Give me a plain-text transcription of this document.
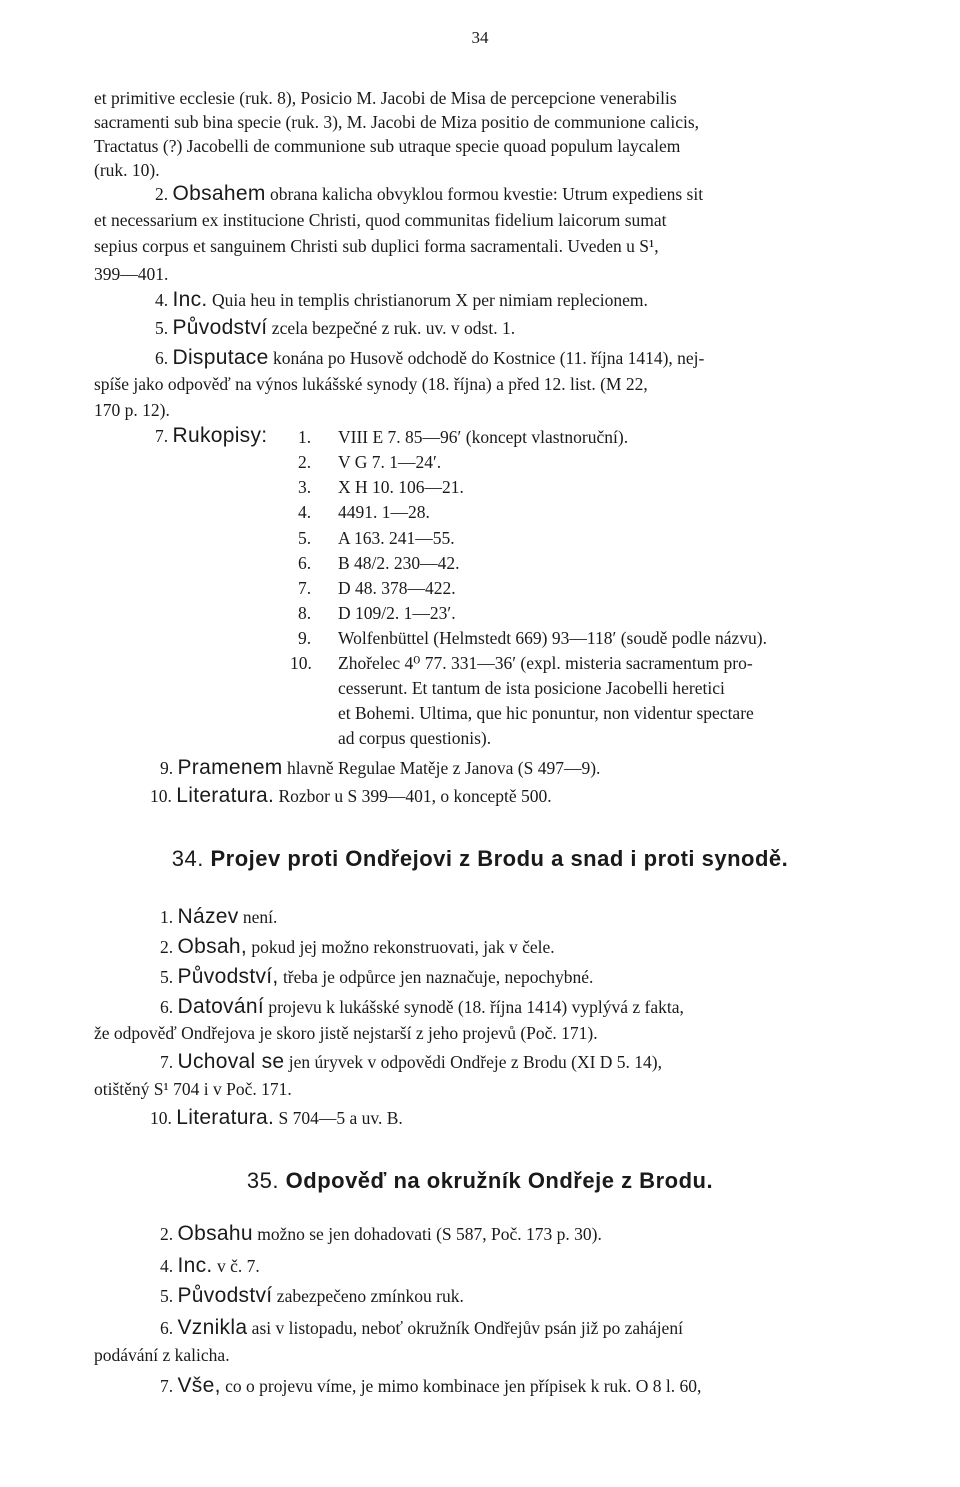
34
et primitive ecclesie (ruk. 8), Posicio M. Jacobi de Misa de percepcione venerabilis
sacramenti sub bina specie (ruk. 3), M. Jacobi de Miza positio de communione calicis,
Tractatus (?) Jacobelli de communione sub utraque specie quoad populum laycalem
(ruk. 10).
2. Obsahem obrana kalicha obvyklou formou kvestie: Utrum expediens sit
et necessarium ex institucione Christi, quod communitas fidelium laicorum sumat
sepius corpus et sanguinem Christi sub duplici forma sacramentali. Uveden u S¹,
399—401.
4. Inc. Quia heu in templis christianorum X per nimiam replecionem.
5. Původství zcela bezpečné z ruk. uv. v odst. 1.
6. Disputace konána po Husově odchodě do Kostnice (11. října 1414), nej-
spíše jako odpověď na výnos lukášské synody (18. října) a před 12. list. (M 22,
170 p. 12).
7. Rukopisy:	1. VIII E 7. 85—96′ (koncept vlastnoruční).
2. V G 7. 1—24′.
3. X H 10. 106—21.
4. 4491. 1—28.
5. A 163. 241—55.
6. B 48/2. 230—42.
7. D 48. 378—422.
8. D 109/2. 1—23′.
9. Wolfenbüttel (Helmstedt 669) 93—118′ (soudě podle názvu).
10. Zhořelec 4⁰ 77. 331—36′ (expl. misteria sacramentum pro-
cesserunt. Et tantum de ista posicione Jacobelli heretici
et Bohemi. Ultima, que hic ponuntur, non videntur spectare
ad corpus questionis).
9. Pramenem hlavně Regulae Matěje z Janova (S 497—9).
10. Literatura. Rozbor u S 399—401, o konceptě 500.
34. Projev proti Ondřejovi z Brodu a snad i proti synodě.
1. Název není.
2. Obsah, pokud jej možno rekonstruovati, jak v čele.
5. Původství, třeba je odpůrce jen naznačuje, nepochybné.
6. Datování projevu k lukášské synodě (18. října 1414) vyplývá z fakta,
že odpověď Ondřejova je skoro jistě nejstarší z jeho projevů (Poč. 171).
7. Uchoval se jen úryvek v odpovědi Ondřeje z Brodu (XI D 5. 14),
otištěný S¹ 704 i v Poč. 171.
10. Literatura. S 704—5 a uv. B.
35. Odpověď na okružník Ondřeje z Brodu.
2. Obsahu možno se jen dohadovati (S 587, Poč. 173 p. 30).
4. Inc. v č. 7.
5. Původství zabezpečeno zmínkou ruk.
6. Vznikla asi v listopadu, neboť okružník Ondřejův psán již po zahájení
podávání z kalicha.
7. Vše, co o projevu víme, je mimo kombinace jen přípisek k ruk. O 8 l. 60,
